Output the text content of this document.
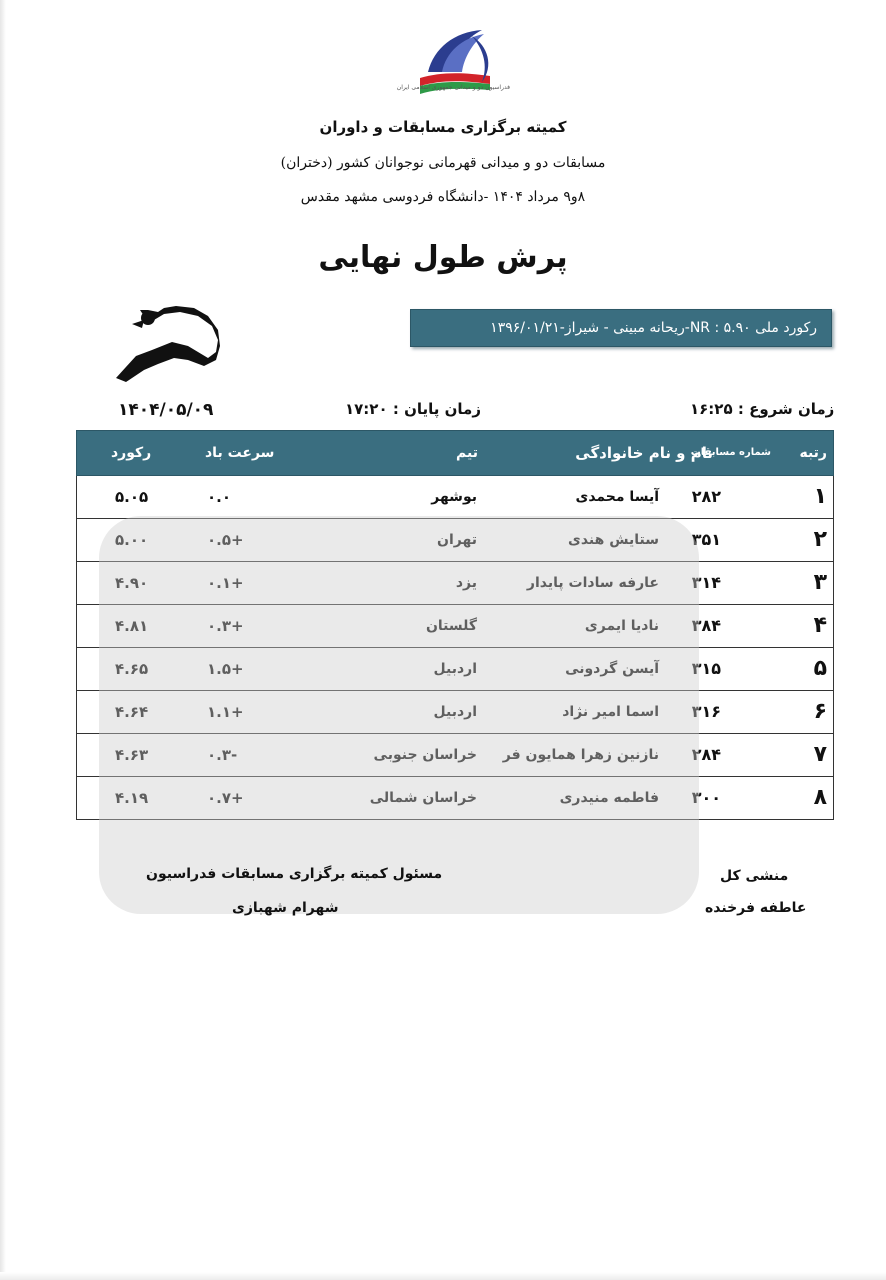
فدراسیون دو و میدانی جمهوری اسلامی ایران
کمیته برگزاری مسابقات و داوران
مسابقات دو و میدانی قهرمانی نوجوانان کشور (دختران)
۸و۹ مرداد ۱۴۰۴ -دانشگاه فردوسی مشهد مقدس
پرش طول نهایی
رکورد ملی NR : ۵.۹۰-ریحانه مبینی - شیراز-۱۳۹۶/۰۱/۲۱
زمان شروع : ۱۶:۲۵
زمان پایان : ۱۷:۲۰
۱۴۰۴/۰۵/۰۹
رتبه
شماره مسابقات
نام و نام خانوادگی
تیم
سرعت باد
رکورد
۱
۲۸۲
آیسا محمدی
بوشهر
۰.۰
۵.۰۵
۲
۳۵۱
ستایش هندی
تهران
+۰.۵
۵.۰۰
۳
۳۱۴
عارفه سادات پایدار
یزد
+۰.۱
۴.۹۰
۴
۳۸۴
نادیا ایمری
گلستان
+۰.۳
۴.۸۱
۵
۳۱۵
آیسن گردونی
اردبیل
+۱.۵
۴.۶۵
۶
۳۱۶
اسما امیر نژاد
اردبیل
+۱.۱
۴.۶۴
۷
۲۸۴
نازنین زهرا همایون فر
خراسان جنوبی
-۰.۳
۴.۶۳
۸
۳۰۰
فاطمه منیدری
خراسان شمالی
+۰.۷
۴.۱۹
مسئول کمیته برگزاری مسابقات فدراسیون
شهرام شهبازی
منشی کل
عاطفه فرخنده
